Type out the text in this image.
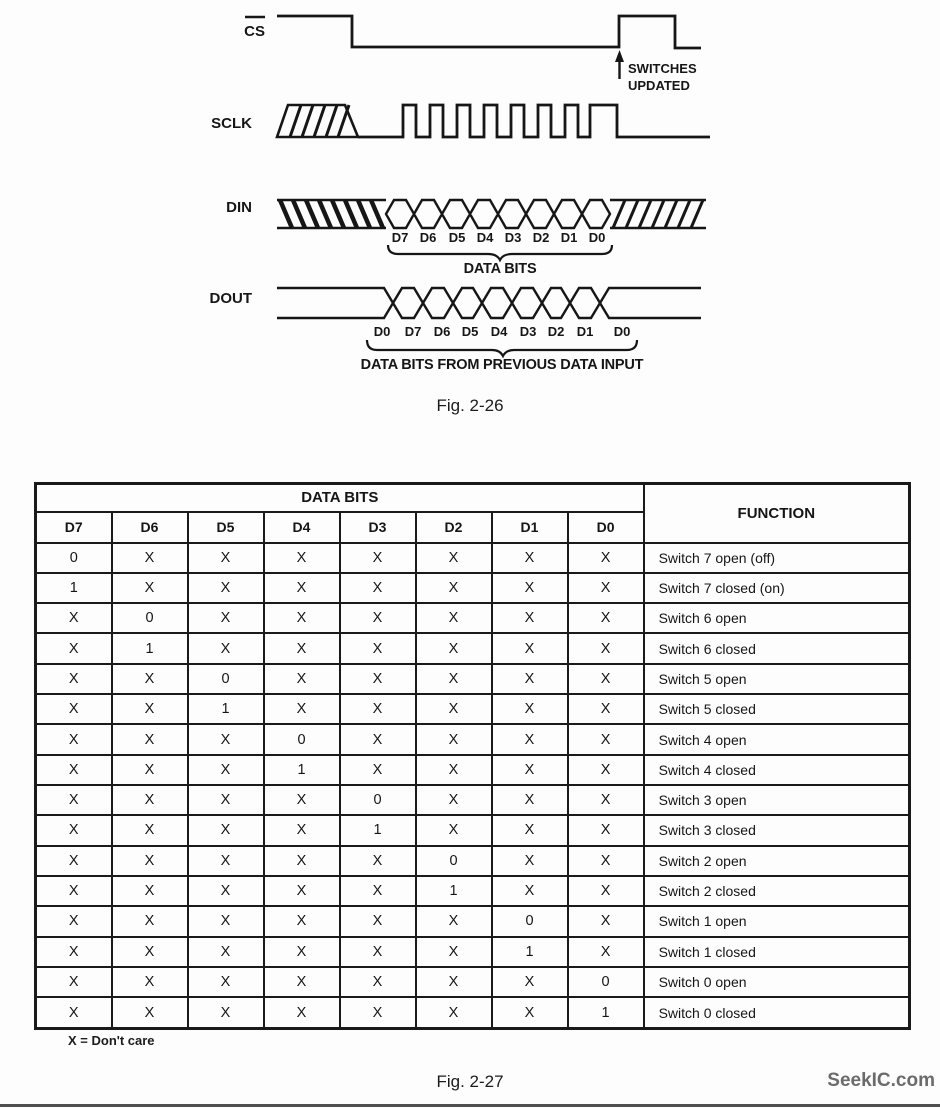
CS
SWITCHES
UPDATED
SCLK
DIN
D7 D6 D5 D4 D3 D2 D1 D0
DATA BITS
DOUT
D0 D7 D6 D5 D4 D3 D2 D1 D0
DATA BITS FROM PREVIOUS DATA INPUT
Fig. 2-26
DATA BITS								FUNCTION
D7	D6	D5	D4	D3	D2	D1	D0	
0	X	X	X	X	X	X	X	Switch 7 open (off)
1	X	X	X	X	X	X	X	Switch 7 closed (on)
X	0	X	X	X	X	X	X	Switch 6 open
X	1	X	X	X	X	X	X	Switch 6 closed
X	X	0	X	X	X	X	X	Switch 5 open
X	X	1	X	X	X	X	X	Switch 5 closed
X	X	X	0	X	X	X	X	Switch 4 open
X	X	X	1	X	X	X	X	Switch 4 closed
X	X	X	X	0	X	X	X	Switch 3 open
X	X	X	X	1	X	X	X	Switch 3 closed
X	X	X	X	X	0	X	X	Switch 2 open
X	X	X	X	X	1	X	X	Switch 2 closed
X	X	X	X	X	X	0	X	Switch 1 open
X	X	X	X	X	X	1	X	Switch 1 closed
X	X	X	X	X	X	X	0	Switch 0 open
X	X	X	X	X	X	X	1	Switch 0 closed
X = Don't care
Fig. 2-27	SeekIC.com
